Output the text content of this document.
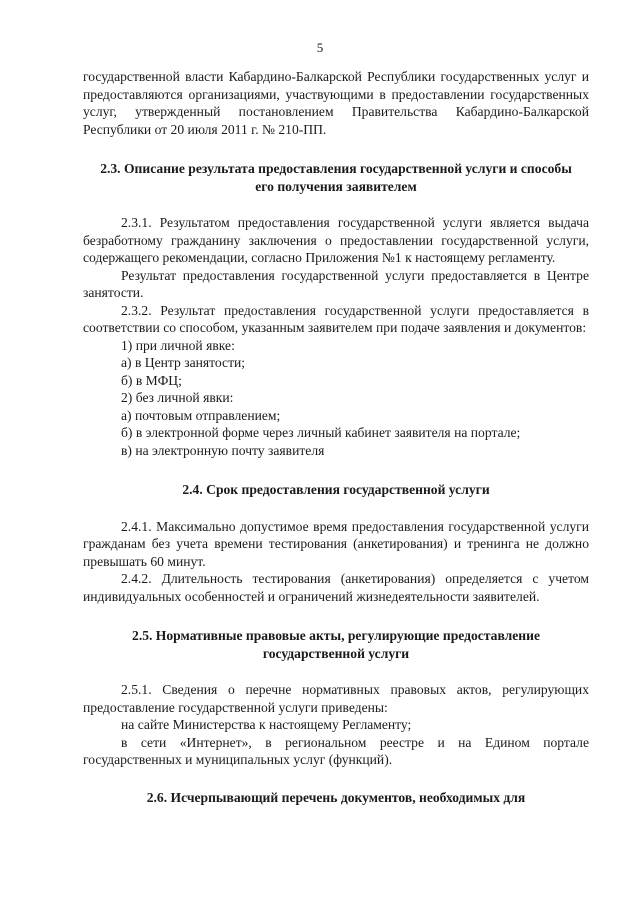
5

государственной власти Кабардино-Балкарской Республики государственных услуг и предоставляются организациями, участвующими в предоставлении государственных услуг, утвержденный постановлением Правительства Кабардино-Балкарской Республики от 20 июля 2011 г. № 210-ПП.

2.3. Описание результата предоставления государственной услуги и способы его получения заявителем

2.3.1. Результатом предоставления государственной услуги является выдача безработному гражданину заключения о предоставлении государственной услуги, содержащего рекомендации, согласно Приложения №1 к настоящему регламенту.

Результат предоставления государственной услуги предоставляется в Центре занятости.

2.3.2. Результат предоставления государственной услуги предоставляется в соответствии со способом, указанным заявителем при подаче заявления и документов:

1) при личной явке:

а) в Центр занятости;

б) в МФЦ;

2) без личной явки:

а) почтовым отправлением;

б) в электронной форме через личный кабинет заявителя на портале;

в) на электронную почту заявителя

2.4. Срок предоставления государственной услуги

2.4.1. Максимально допустимое время предоставления государственной услуги гражданам без учета времени тестирования (анкетирования) и тренинга не должно превышать 60 минут.

2.4.2. Длительность тестирования (анкетирования) определяется с учетом индивидуальных особенностей и ограничений жизнедеятельности заявителей.

2.5. Нормативные правовые акты, регулирующие предоставление государственной услуги

2.5.1. Сведения о перечне нормативных правовых актов, регулирующих предоставление государственной услуги приведены:

на сайте Министерства к настоящему Регламенту;

в сети «Интернет», в региональном реестре и на Едином портале государственных и муниципальных услуг (функций).

2.6. Исчерпывающий перечень документов, необходимых для
